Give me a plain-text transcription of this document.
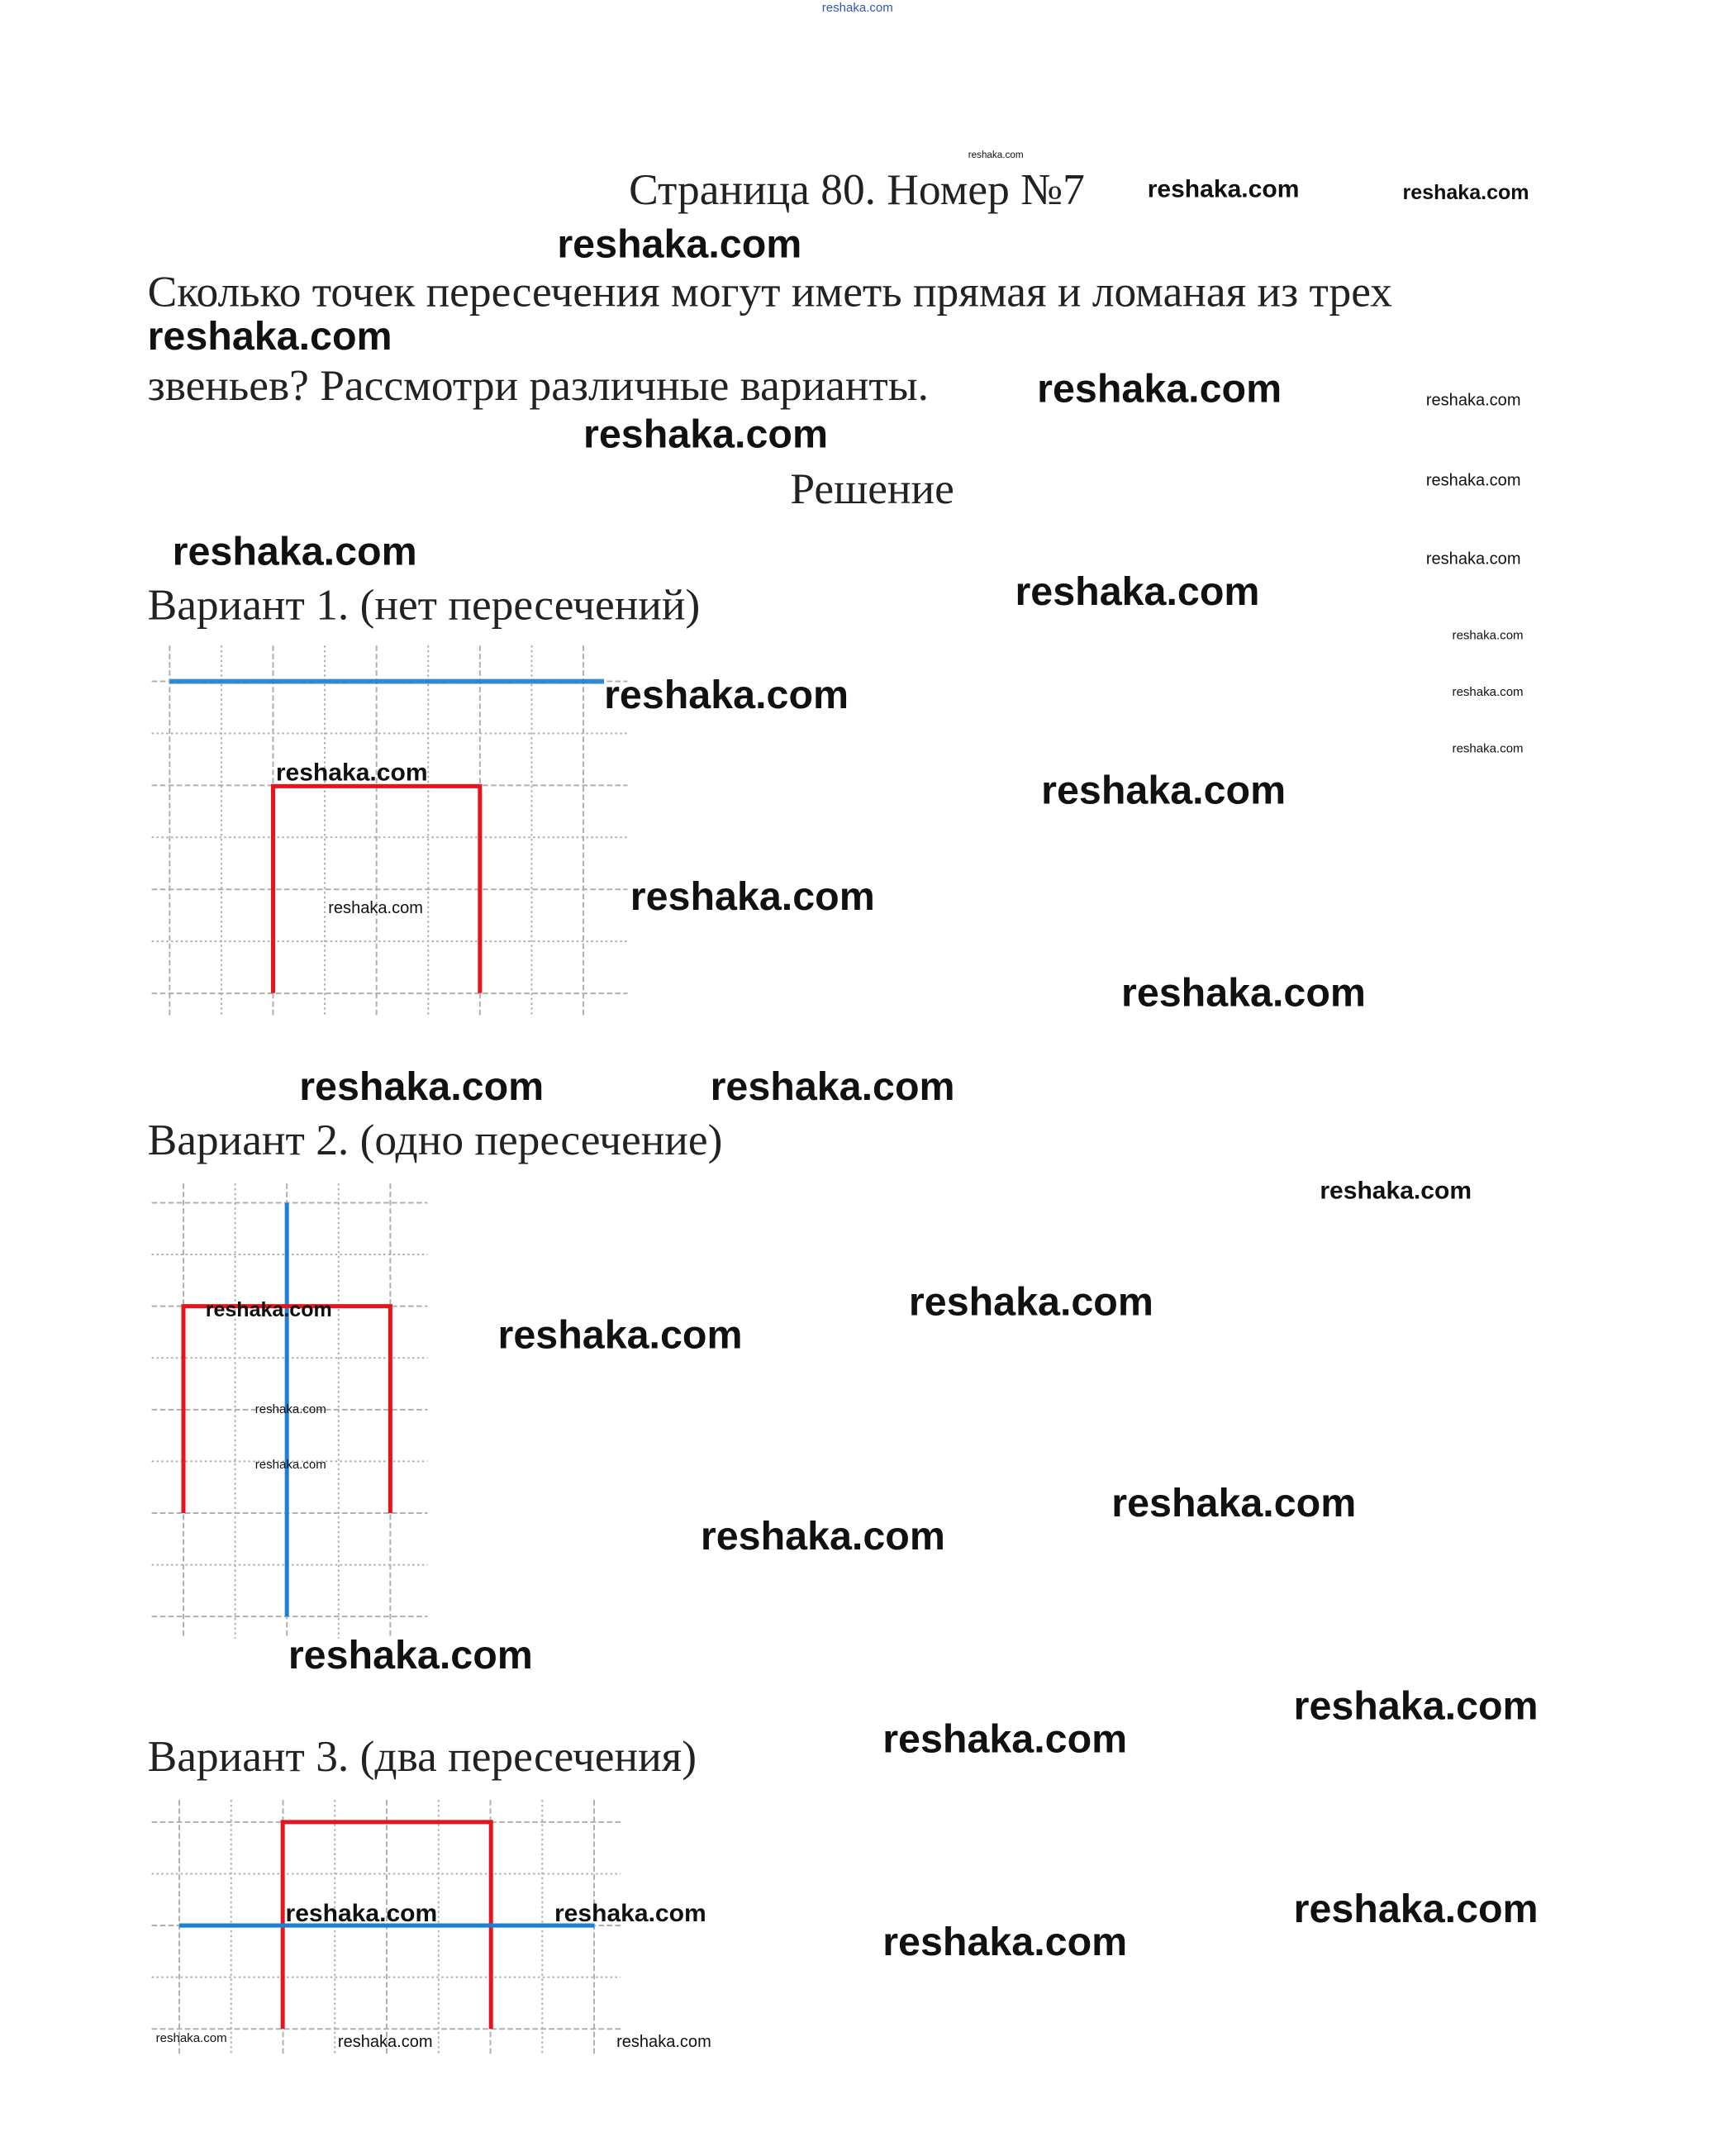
reshaka.com
Страница 80. Номер №7
reshaka.com
Сколько точек пересечения могут иметь прямая и ломаная из трех
звеньев? Рассмотри различные варианты.
Решение
Вариант 1. (нет пересечений)
Вариант 2. (одно пересечение)
Вариант 3. (два пересечения)
reshaka.com
reshaka.com
reshaka.com
reshaka.com
reshaka.com
reshaka.com
reshaka.com
reshaka.com
reshaka.com
reshaka.com
reshaka.com	reshaka.com
reshaka.com
reshaka.com
reshaka.com
reshaka.com
reshaka.com
reshaka.com
reshaka.com
reshaka.com
reshaka.com
reshaka.com	reshaka.com
reshaka.com
reshaka.com
reshaka.com
reshaka.com	reshaka.com
reshaka.com
reshaka.com
reshaka.com
reshaka.com
reshaka.com	reshaka.com
reshaka.com
reshaka.com
reshaka.com
reshaka.com
reshaka.com
reshaka.com
